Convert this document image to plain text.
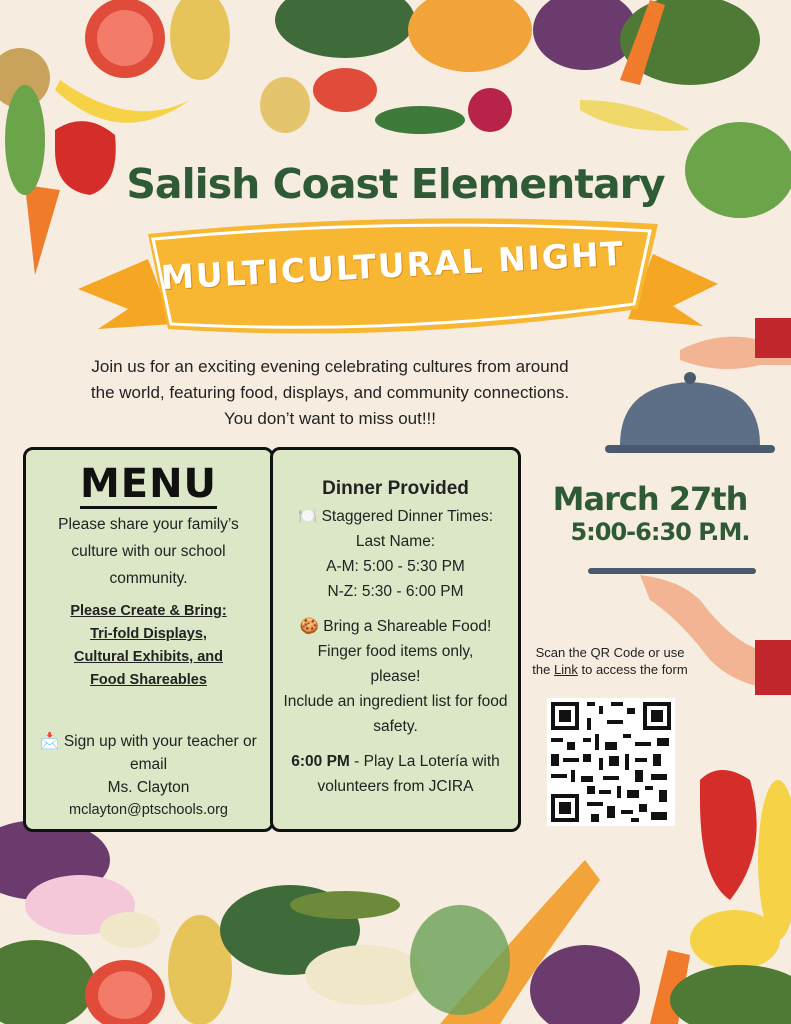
Salish Coast Elementary
MULTICULTURAL NIGHT
Join us for an exciting evening celebrating cultures from around
the world, featuring food, displays, and community connections.
You don’t want to miss out!!!
MENU
Please share your family’s culture with our school community.
Please Create & Bring:
Tri-fold Displays,
Cultural Exhibits, and
Food Shareables
📩 Sign up with your teacher or email
Ms. Clayton
mclayton@ptschools.org
Dinner Provided
🍽️ Staggered Dinner Times:
Last Name:
A-M: 5:00 - 5:30 PM
N-Z: 5:30 - 6:00 PM
🍪 Bring a Shareable Food!
Finger food items only, please!
Include an ingredient list for food safety.
6:00 PM - Play La Lotería with volunteers from JCIRA
March 27th
5:00-6:30 P.M.
Scan the QR Code or use the Link to access the form
